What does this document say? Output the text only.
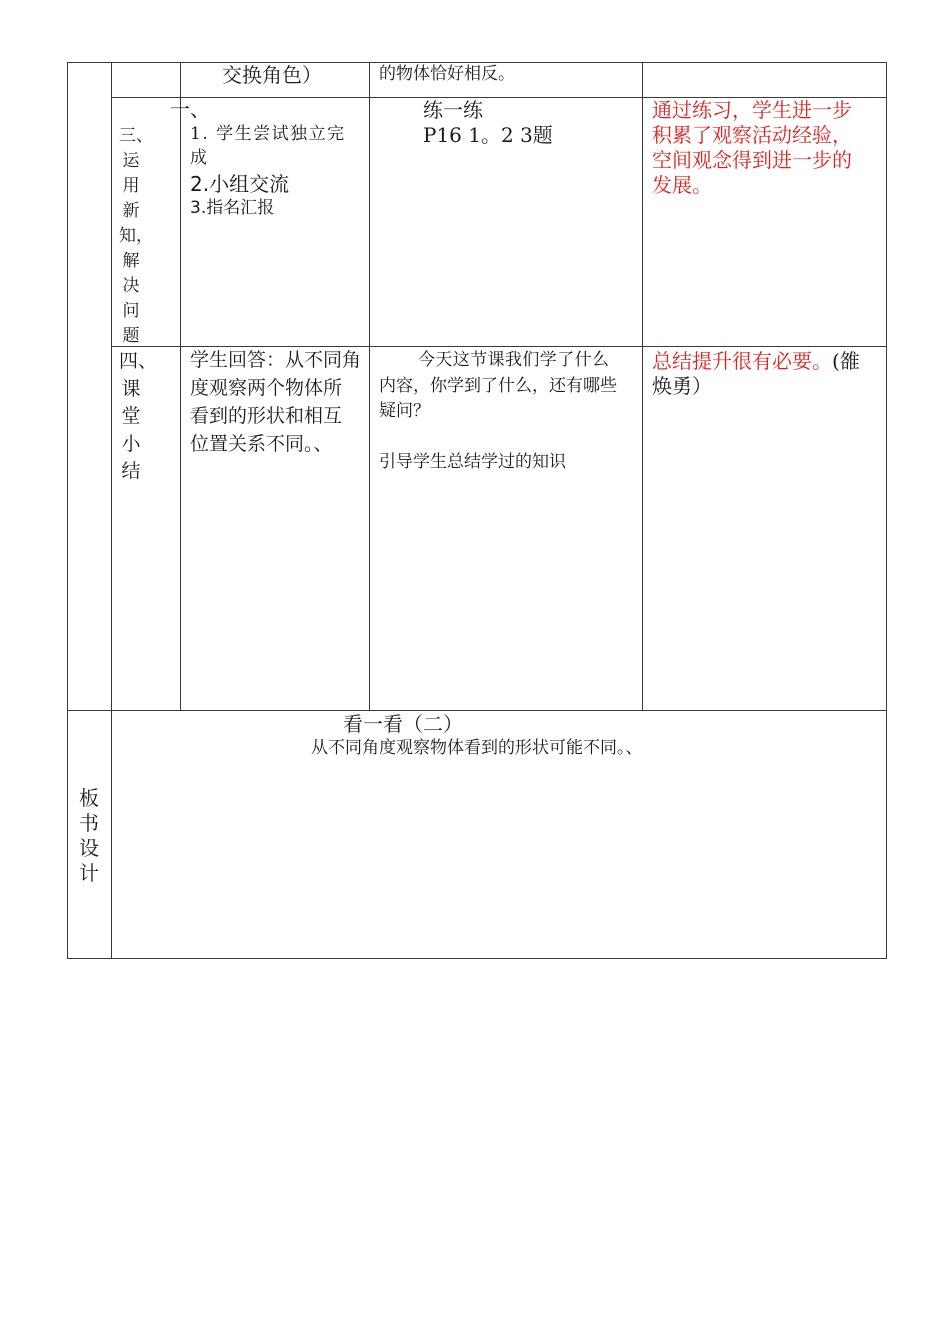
交换角色）	的物体恰好相反。
三、运用新知，解决问题
一、
1. 学生尝试独立完
成
2.小组交流
3.指名汇报
练一练
P16 1。2 3题
通过练习，学生进一步
积累了观察活动经验，
空间观念得到进一步的
发展。
四、课堂小结
学生回答：从不同角
度观察两个物体所
看到的形状和相互
位置关系不同。、
今天这节课我们学了什么
内容，你学到了什么，还有哪些
疑问？
引导学生总结学过的知识
总结提升很有必要。(雒
焕勇）
板书设计
看一看（二）
从不同角度观察物体看到的形状可能不同。、
